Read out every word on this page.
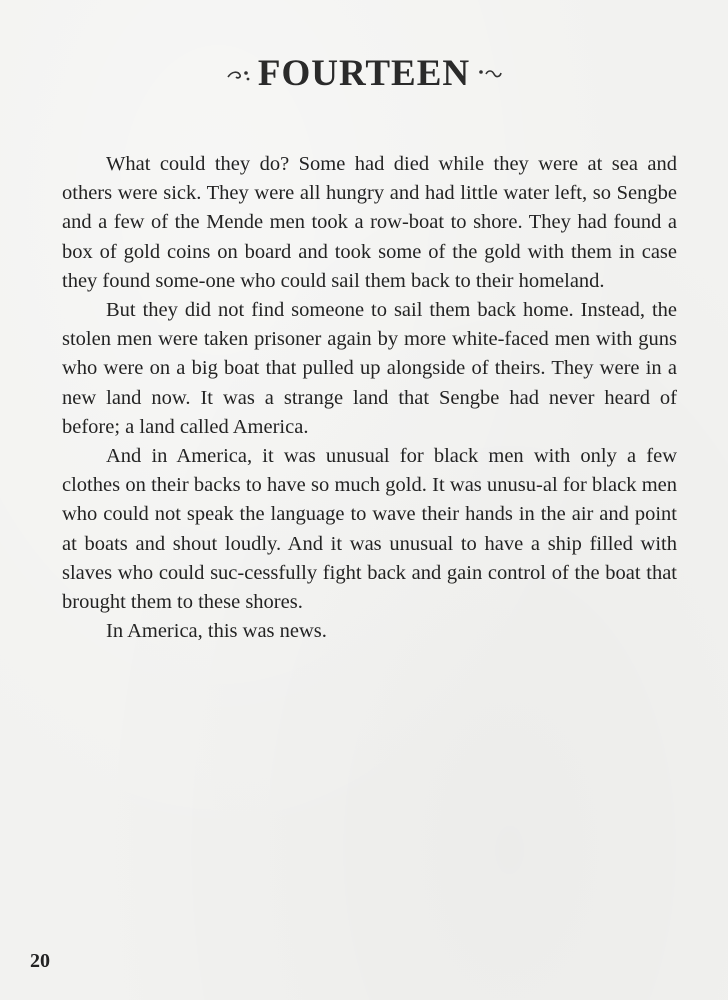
FOURTEEN

What could they do? Some had died while they were at sea and others were sick. They were all hungry and had little water left, so Sengbe and a few of the Mende men took a row-boat to shore. They had found a box of gold coins on board and took some of the gold with them in case they found some-one who could sail them back to their homeland.

But they did not find someone to sail them back home. Instead, the stolen men were taken prisoner again by more white-faced men with guns who were on a big boat that pulled up alongside of theirs. They were in a new land now. It was a strange land that Sengbe had never heard of before; a land called America.

And in America, it was unusual for black men with only a few clothes on their backs to have so much gold. It was unusu-al for black men who could not speak the language to wave their hands in the air and point at boats and shout loudly. And it was unusual to have a ship filled with slaves who could suc-cessfully fight back and gain control of the boat that brought them to these shores.

In America, this was news.

20
